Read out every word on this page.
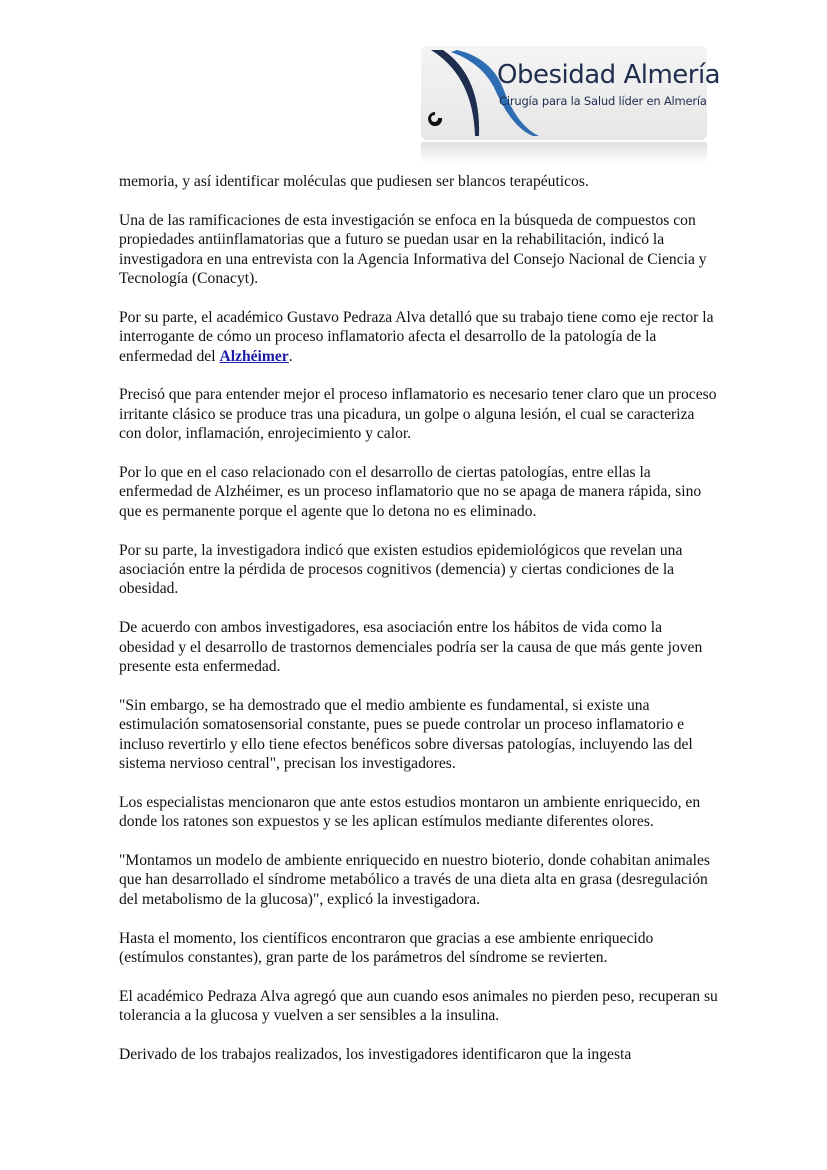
Obesidad Almería
Cirugía para la Salud líder en Almería

memoria, y así identificar moléculas que pudiesen ser blancos terapéuticos.

Una de las ramificaciones de esta investigación se enfoca en la búsqueda de compuestos con propiedades antiinflamatorias que a futuro se puedan usar en la rehabilitación, indicó la investigadora en una entrevista con la Agencia Informativa del Consejo Nacional de Ciencia y Tecnología (Conacyt).

Por su parte, el académico Gustavo Pedraza Alva detalló que su trabajo tiene como eje rector la interrogante de cómo un proceso inflamatorio afecta el desarrollo de la patología de la enfermedad del Alzhéimer.

Precisó que para entender mejor el proceso inflamatorio es necesario tener claro que un proceso irritante clásico se produce tras una picadura, un golpe o alguna lesión, el cual se caracteriza con dolor, inflamación, enrojecimiento y calor.

Por lo que en el caso relacionado con el desarrollo de ciertas patologías, entre ellas la enfermedad de Alzhéimer, es un proceso inflamatorio que no se apaga de manera rápida, sino que es permanente porque el agente que lo detona no es eliminado.

Por su parte, la investigadora indicó que existen estudios epidemiológicos que revelan una asociación entre la pérdida de procesos cognitivos (demencia) y ciertas condiciones de la obesidad.

De acuerdo con ambos investigadores, esa asociación entre los hábitos de vida como la obesidad y el desarrollo de trastornos demenciales podría ser la causa de que más gente joven presente esta enfermedad.

"Sin embargo, se ha demostrado que el medio ambiente es fundamental, si existe una estimulación somatosensorial constante, pues se puede controlar un proceso inflamatorio e incluso revertirlo y ello tiene efectos benéficos sobre diversas patologías, incluyendo las del sistema nervioso central", precisan los investigadores.

Los especialistas mencionaron que ante estos estudios montaron un ambiente enriquecido, en donde los ratones son expuestos y se les aplican estímulos mediante diferentes olores.

"Montamos un modelo de ambiente enriquecido en nuestro bioterio, donde cohabitan animales que han desarrollado el síndrome metabólico a través de una dieta alta en grasa (desregulación del metabolismo de la glucosa)", explicó la investigadora.

Hasta el momento, los científicos encontraron que gracias a ese ambiente enriquecido (estímulos constantes), gran parte de los parámetros del síndrome se revierten.

El académico Pedraza Alva agregó que aun cuando esos animales no pierden peso, recuperan su tolerancia a la glucosa y vuelven a ser sensibles a la insulina.

Derivado de los trabajos realizados, los investigadores identificaron que la ingesta
